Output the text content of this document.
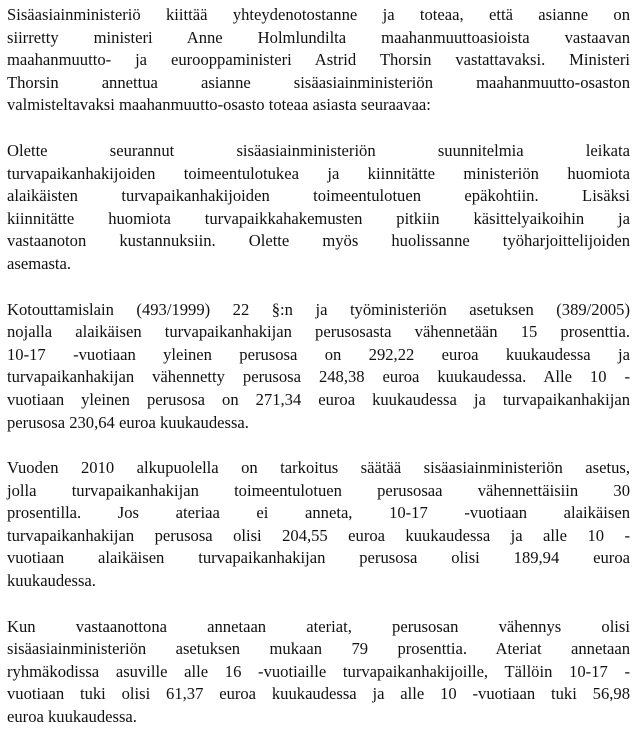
Sisäasiainministeriö kiittää yhteydenotostanne ja toteaa, että asianne on
siirretty ministeri Anne Holmlundilta maahanmuuttoasioista vastaavan
maahanmuutto- ja eurooppaministeri Astrid Thorsin vastattavaksi. Ministeri
Thorsin annettua asianne sisäasiainministeriön maahanmuutto-osaston
valmisteltavaksi maahanmuutto-osasto toteaa asiasta seuraavaa:
Olette seurannut sisäasiainministeriön suunnitelmia leikata
turvapaikanhakijoiden toimeentulotukea ja kiinnitätte ministeriön huomiota
alaikäisten turvapaikanhakijoiden toimeentulotuen epäkohtiin. Lisäksi
kiinnitätte huomiota turvapaikkahakemusten pitkiin käsittelyaikoihin ja
vastaanoton kustannuksiin. Olette myös huolissanne työharjoittelijoiden
asemasta.
Kotouttamislain (493/1999) 22 §:n ja työministeriön asetuksen (389/2005)
nojalla alaikäisen turvapaikanhakijan perusosasta vähennetään 15 prosenttia.
10-17 -vuotiaan yleinen perusosa on 292,22 euroa kuukaudessa ja
turvapaikanhakijan vähennetty perusosa 248,38 euroa kuukaudessa. Alle 10 -
vuotiaan yleinen perusosa on 271,34 euroa kuukaudessa ja turvapaikanhakijan
perusosa 230,64 euroa kuukaudessa.
Vuoden 2010 alkupuolella on tarkoitus säätää sisäasiainministeriön asetus,
jolla turvapaikanhakijan toimeentulotuen perusosaa vähennettäisiin 30
prosentilla. Jos ateriaa ei anneta, 10-17 -vuotiaan alaikäisen
turvapaikanhakijan perusosa olisi 204,55 euroa kuukaudessa ja alle 10 -
vuotiaan alaikäisen turvapaikanhakijan perusosa olisi 189,94 euroa
kuukaudessa.
Kun vastaanottona annetaan ateriat, perusosan vähennys olisi
sisäasiainministeriön asetuksen mukaan 79 prosenttia. Ateriat annetaan
ryhmäkodissa asuville alle 16 -vuotiaille turvapaikanhakijoille, Tällöin 10-17 -
vuotiaan tuki olisi 61,37 euroa kuukaudessa ja alle 10 -vuotiaan tuki 56,98
euroa kuukaudessa.
